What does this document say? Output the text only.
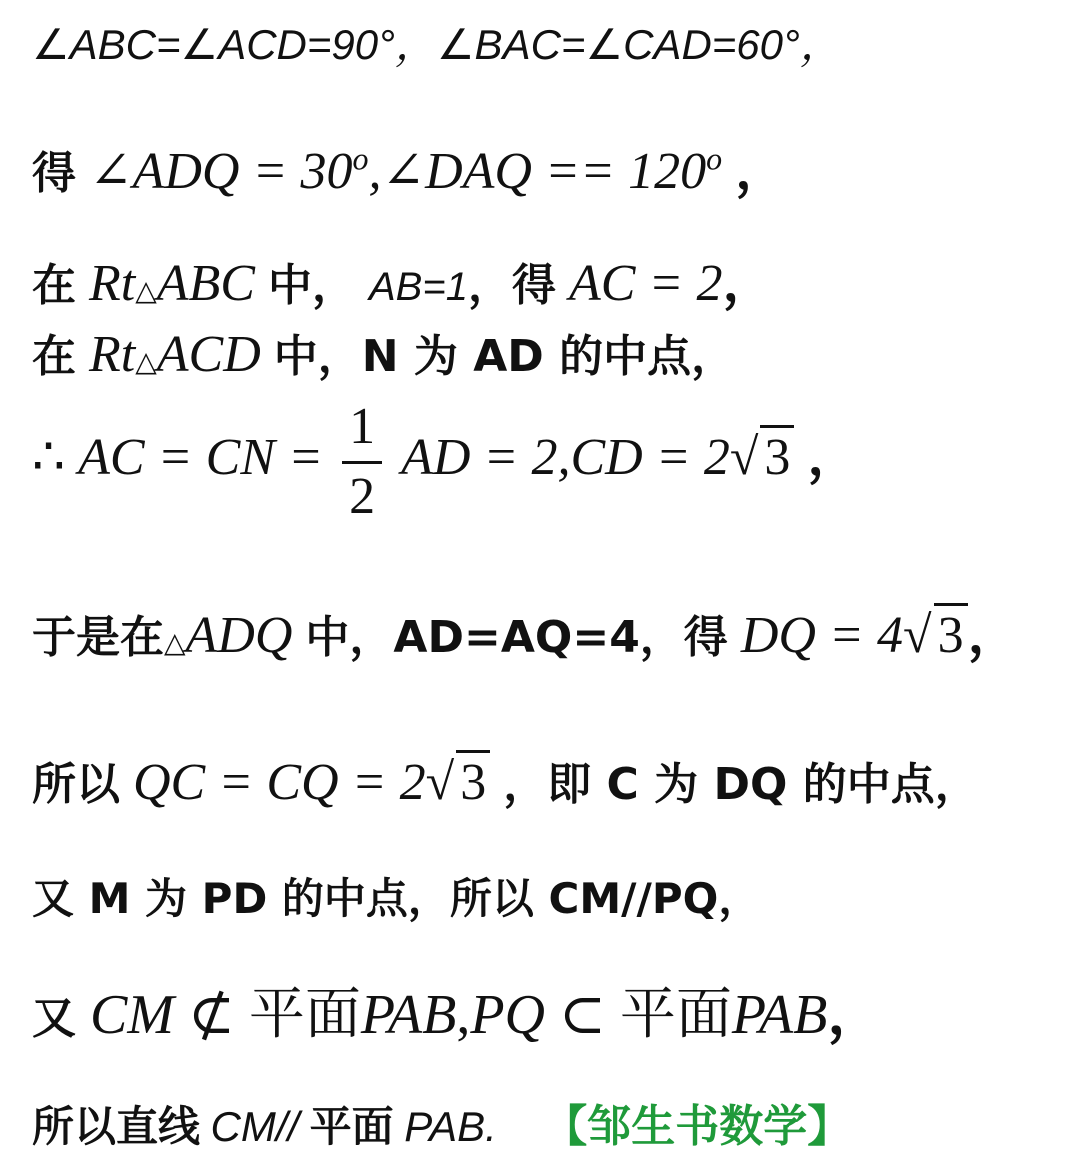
∠ABC=∠ACD=90°，∠BAC=∠CAD=60°，
得 ∠ADQ = $30^o,\angle DAQ == 120^o$ ，
在 Rt△ABC 中， AB=1，得 AC = 2，
在 Rt△ACD 中，N 为 AD 的中点，
∴ AC = CN = $\frac{1}{2}$ AD = 2,CD = 2√ 3 ，
于是在△ADQ 中，AD=AQ=4，得 DQ = 4√ 3，
所以 QC = CQ = 2√ 3 ，即 C 为 DQ 的中点，
又 M 为 PD 的中点，所以 CM//PQ，
又 CM ⊄ 平面PAB,PQ ⊂ 平面PAB，
所以直线 CM// 平面 PAB. 【邹生书数学】
